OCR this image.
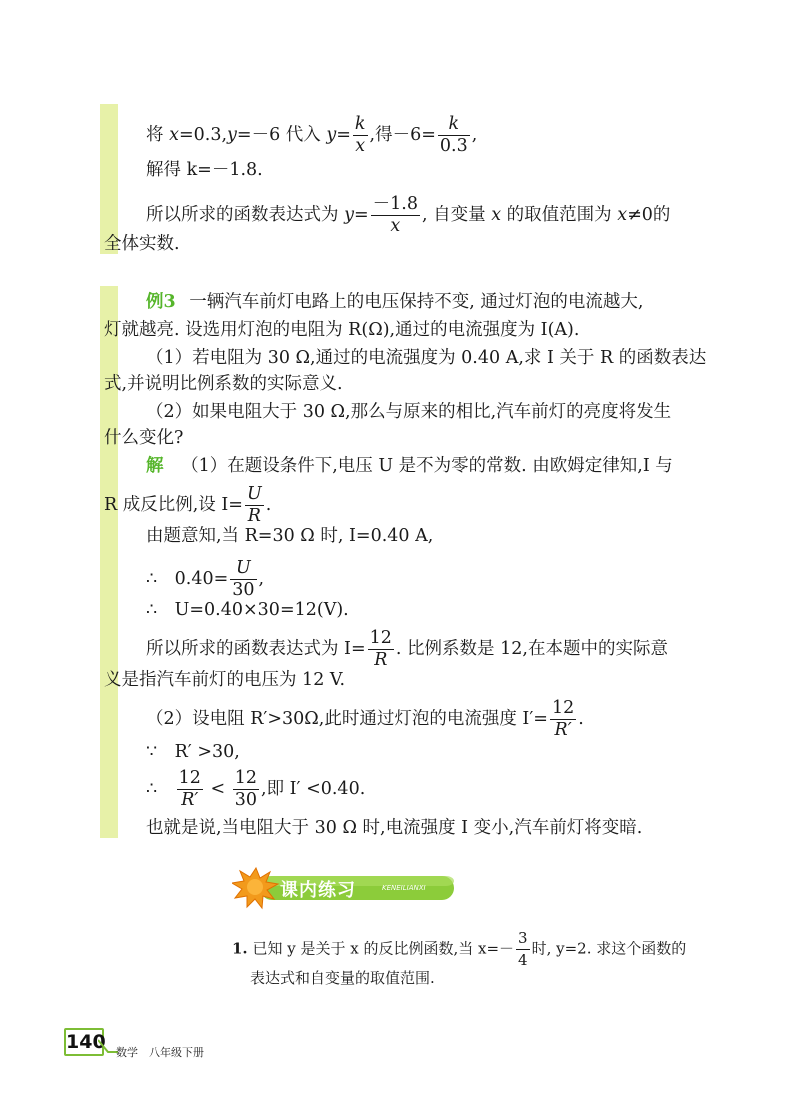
将 x=0.3,y=－6 代入 $y= \frac{k}{x}$ ,得$-6= \frac{k}{0.3}$ ,
解得 k=－1.8.
所以所求的函数表达式为 $y= \frac{-1.8}{x}$ , 自变量 x 的取值范围为 x≠0的
全体实数.
例3 一辆汽车前灯电路上的电压保持不变, 通过灯泡的电流越大,
灯就越亮. 设选用灯泡的电阻为 R(Ω),通过的电流强度为 I(A).
（1）若电阻为 30 Ω,通过的电流强度为 0.40 A,求 I 关于 R 的函数表达
式,并说明比例系数的实际意义.
（2）如果电阻大于 30 Ω,那么与原来的相比,汽车前灯的亮度将发生
什么变化?
解 （1）在题设条件下,电压 U 是不为零的常数. 由欧姆定律知,I 与
R 成反比例,设 $I= \frac{U}{R}$ .
由题意知,当 R=30 Ω 时, I=0.40 A,
∴　$0.40= \frac{U}{30}$ ,
∴　U=0.40×30=12(V).
所以所求的函数表达式为 $I= \frac{12}{R}$ . 比例系数是 12,在本题中的实际意
义是指汽车前灯的电压为 12 V.
（2）设电阻 R′>30Ω,此时通过灯泡的电流强度 $I'= \frac{12}{R'}$ .
∵　R′ >30,
∴　 $\frac{12}{R'} < \frac{12}{30}$ ,即 I′ <0.40.
也就是说,当电阻大于 30 Ω 时,电流强度 I 变小,汽车前灯将变暗.
课内练习	KENEILIANXI
1. 已知 y 是关于 x 的反比例函数,当 $x=- \frac{3}{4}$ 时, y=2. 求这个函数的
表达式和自变量的取值范围.
140 数学　八年级下册
